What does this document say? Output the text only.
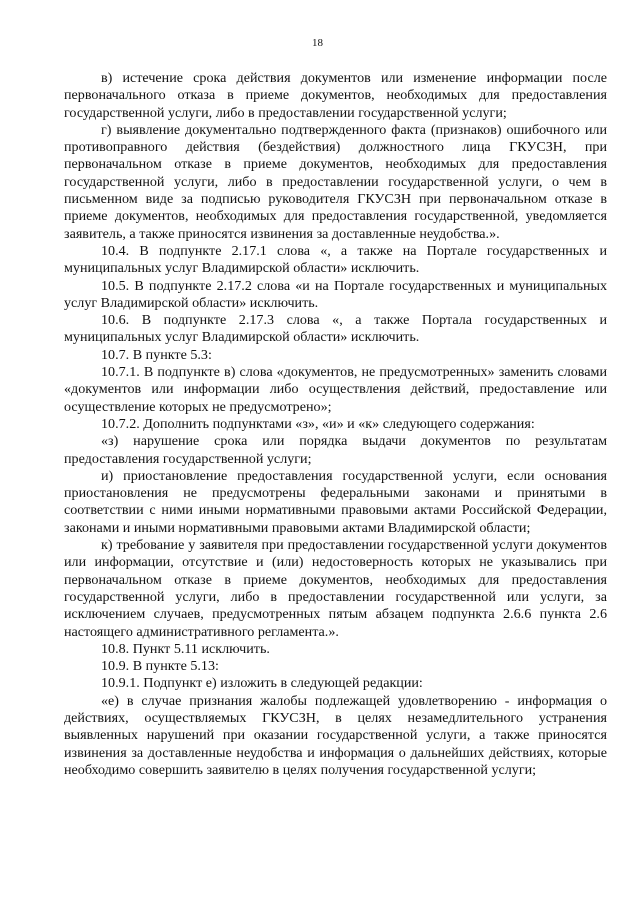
18

в) истечение срока действия документов или изменение информации после первоначального отказа в приеме документов, необходимых для предоставления государственной услуги, либо в предоставлении государственной услуги;

г) выявление документально подтвержденного факта (признаков) ошибочного или противоправного действия (бездействия) должностного лица ГКУСЗН, при первоначальном отказе в приеме документов, необходимых для предоставления государственной услуги, либо в предоставлении государственной услуги, о чем в письменном виде за подписью руководителя ГКУСЗН при первоначальном отказе в приеме документов, необходимых для предоставления государственной, уведомляется заявитель, а также приносятся извинения за доставленные неудобства.».

10.4. В подпункте 2.17.1 слова «, а также на Портале государственных и муниципальных услуг Владимирской области» исключить.

10.5. В подпункте 2.17.2 слова «и на Портале государственных и муниципальных услуг Владимирской области» исключить.

10.6. В подпункте 2.17.3 слова «, а также Портала государственных и муниципальных услуг Владимирской области» исключить.

10.7. В пункте 5.3:

10.7.1. В подпункте в) слова «документов, не предусмотренных» заменить словами «документов или информации либо осуществления действий, предоставление или осуществление которых не предусмотрено»;

10.7.2. Дополнить подпунктами «з», «и» и «к» следующего содержания:

«з) нарушение срока или порядка выдачи документов по результатам предоставления государственной услуги;

и) приостановление предоставления государственной услуги, если основания приостановления не предусмотрены федеральными законами и принятыми в соответствии с ними иными нормативными правовыми актами Российской Федерации, законами и иными нормативными правовыми актами Владимирской области;

к) требование у заявителя при предоставлении государственной услуги документов или информации, отсутствие и (или) недостоверность которых не указывались при первоначальном отказе в приеме документов, необходимых для предоставления государственной услуги, либо в предоставлении государственной или услуги, за исключением случаев, предусмотренных пятым абзацем подпункта 2.6.6 пункта 2.6 настоящего административного регламента.».

10.8. Пункт 5.11 исключить.

10.9. В пункте 5.13:

10.9.1. Подпункт е) изложить в следующей редакции:

«е) в случае признания жалобы подлежащей удовлетворению - информация о действиях, осуществляемых ГКУСЗН, в целях незамедлительного устранения выявленных нарушений при оказании государственной услуги, а также приносятся извинения за доставленные неудобства и информация о дальнейших действиях, которые необходимо совершить заявителю в целях получения государственной услуги;
